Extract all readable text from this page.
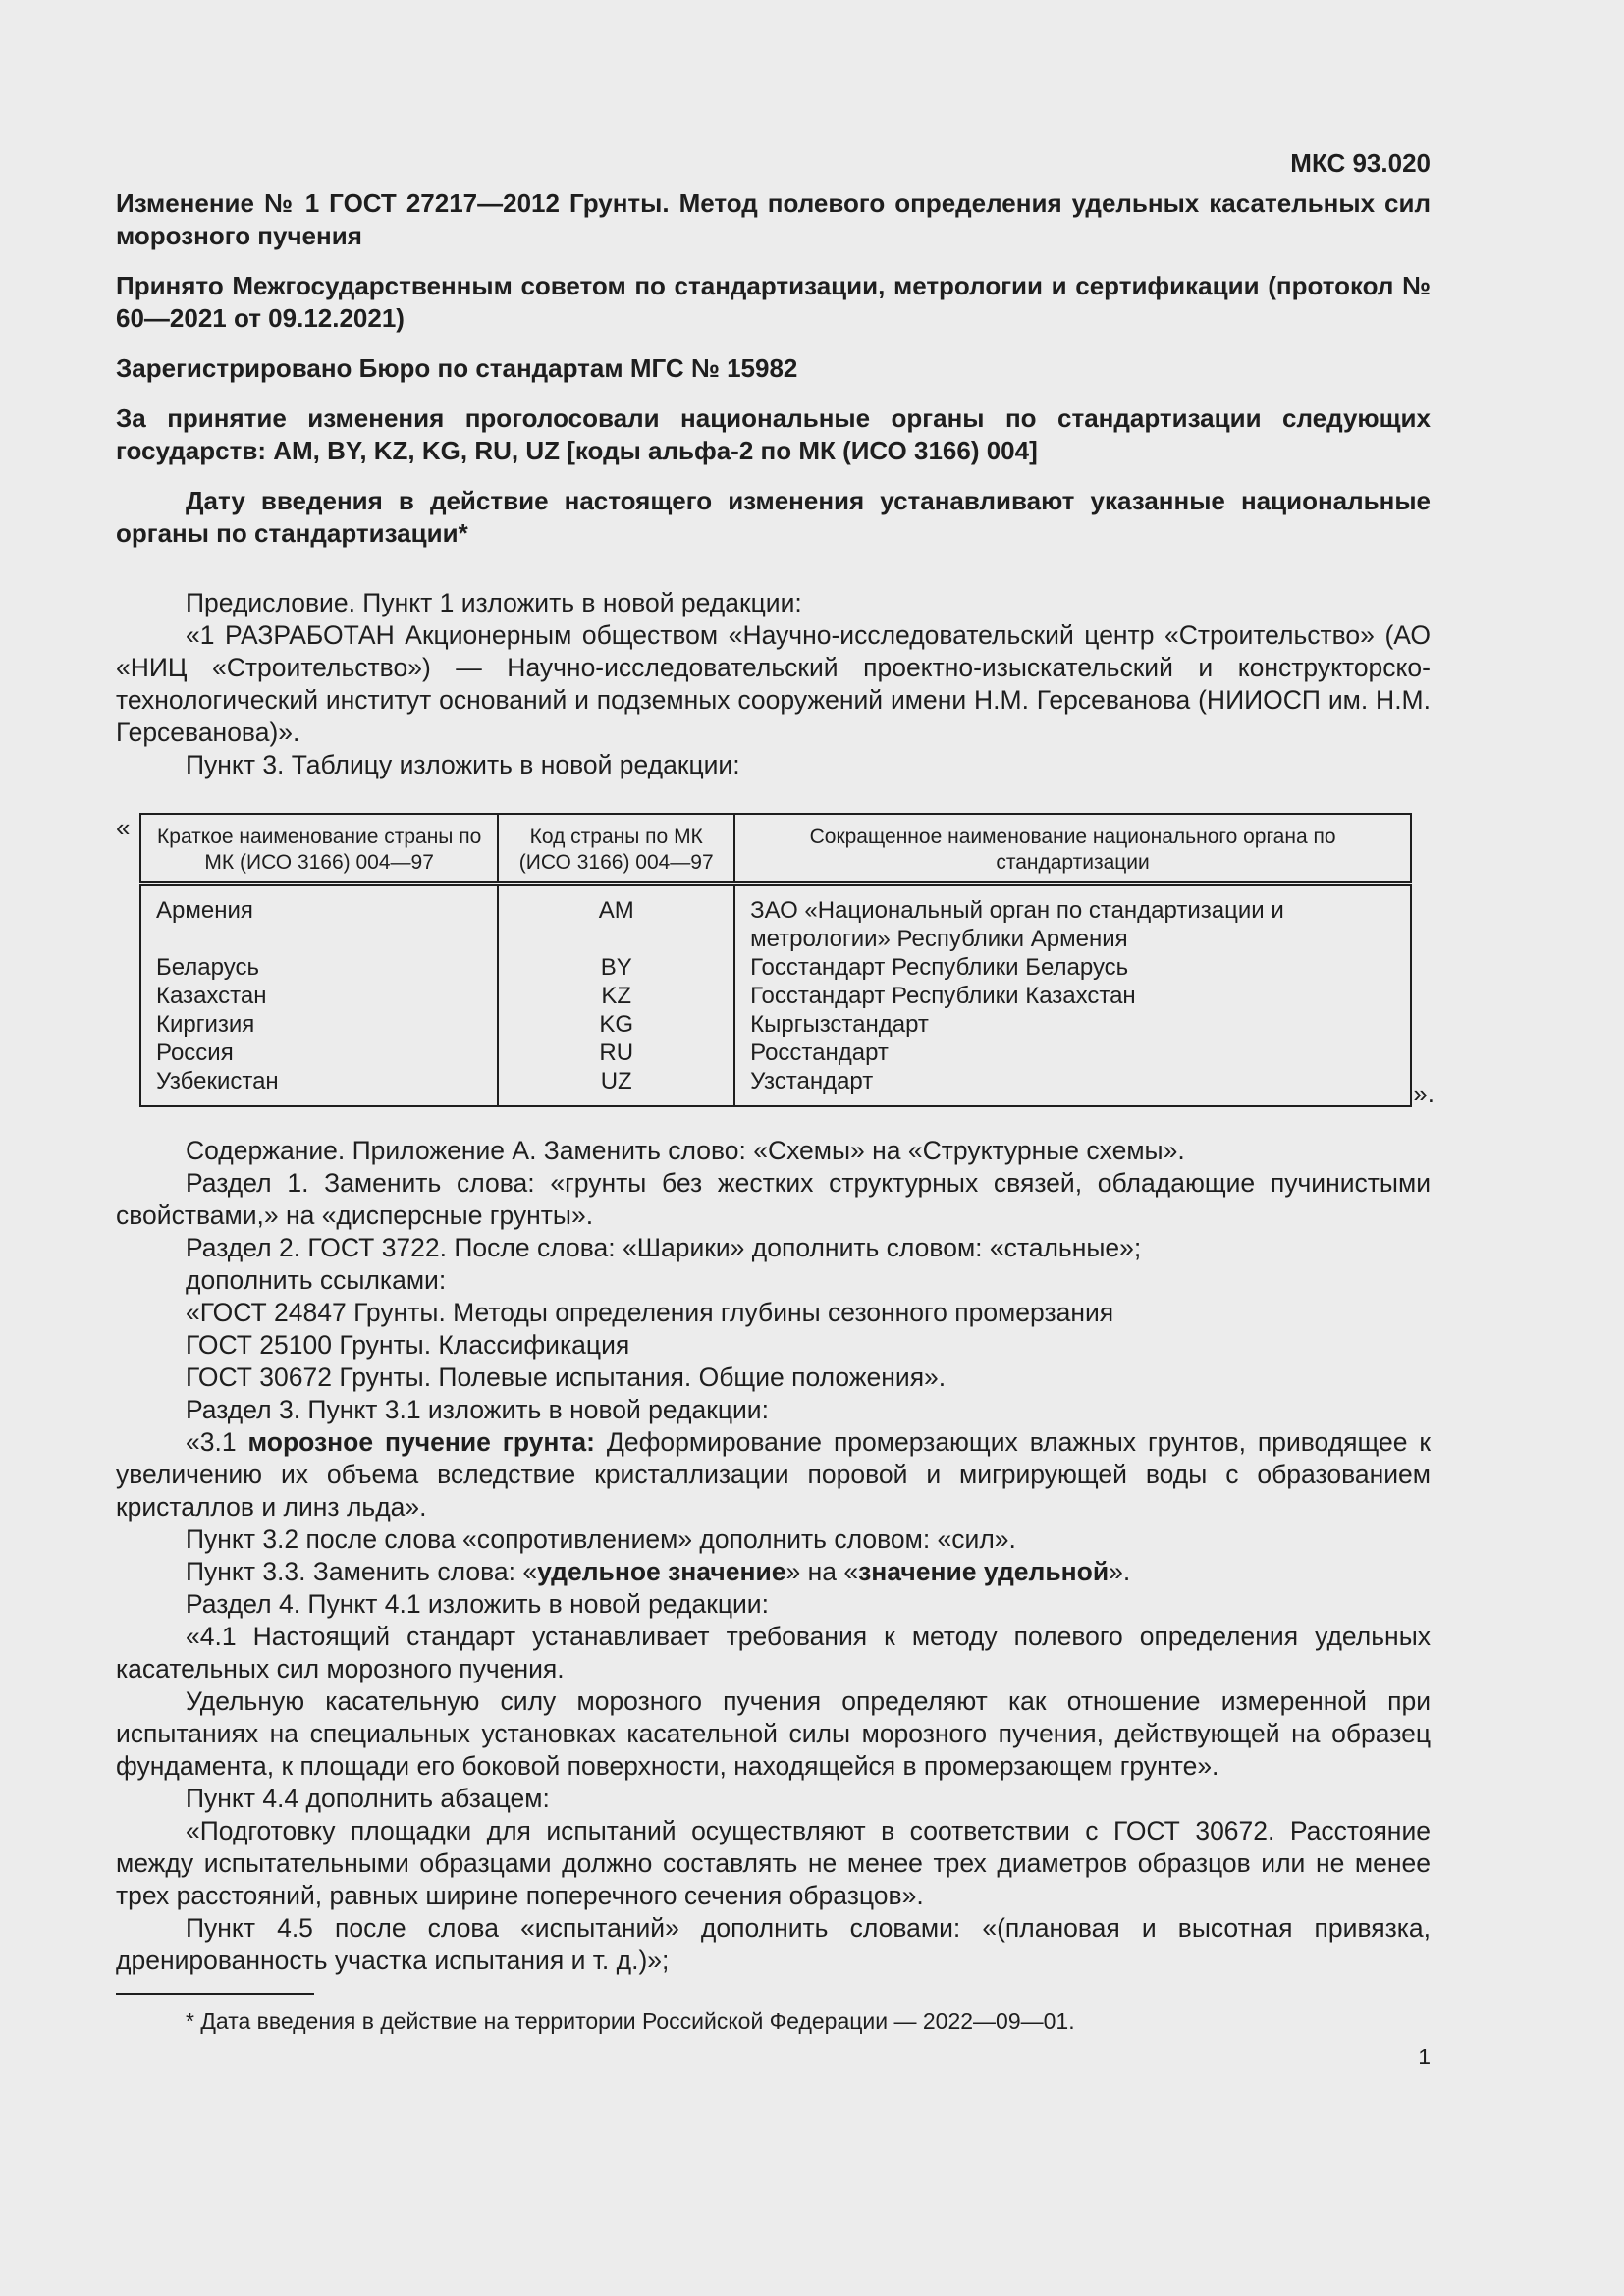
МКС 93.020

Изменение № 1 ГОСТ 27217—2012 Грунты. Метод полевого определения удельных касательных сил морозного пучения

Принято Межгосударственным советом по стандартизации, метрологии и сертификации (протокол № 60—2021 от 09.12.2021)

Зарегистрировано Бюро по стандартам МГС № 15982

За принятие изменения проголосовали национальные органы по стандартизации следующих государств: AM, BY, KZ, KG, RU, UZ [коды альфа-2 по МК (ИСО 3166) 004]

Дату введения в действие настоящего изменения устанавливают указанные национальные органы по стандартизации*

Предисловие. Пункт 1 изложить в новой редакции:

«1 РАЗРАБОТАН Акционерным обществом «Научно-исследовательский центр «Строительство» (АО «НИЦ «Строительство») — Научно-исследовательский проектно-изыскательский и конструкторско-технологический институт оснований и подземных сооружений имени Н.М. Герсеванова (НИИОСП им. Н.М. Герсеванова)».

Пункт 3. Таблицу изложить в новой редакции:

« Краткое наименование страны по МК (ИСО 3166) 004—97	Код страны по МК (ИСО 3166) 004—97	Сокращенное наименование национального органа по стандартизации
Армения	AM	ЗАО «Национальный орган по стандартизации и метрологии» Республики Армения
Беларусь	BY	Госстандарт Республики Беларусь
Казахстан	KZ	Госстандарт Республики Казахстан
Киргизия	KG	Кыргызстандарт
Россия	RU	Росстандарт
Узбекистан	UZ	Узстандарт	».

Содержание. Приложение А. Заменить слово: «Схемы» на «Структурные схемы».

Раздел 1. Заменить слова: «грунты без жестких структурных связей, обладающие пучинистыми свойствами,» на «дисперсные грунты».

Раздел 2. ГОСТ 3722. После слова: «Шарики» дополнить словом: «стальные»;

дополнить ссылками:

«ГОСТ 24847 Грунты. Методы определения глубины сезонного промерзания

ГОСТ 25100 Грунты. Классификация

ГОСТ 30672 Грунты. Полевые испытания. Общие положения».

Раздел 3. Пункт 3.1 изложить в новой редакции:

«3.1 морозное пучение грунта: Деформирование промерзающих влажных грунтов, приводящее к увеличению их объема вследствие кристаллизации поровой и мигрирующей воды с образованием кристаллов и линз льда».

Пункт 3.2 после слова «сопротивлением» дополнить словом: «сил».

Пункт 3.3. Заменить слова: «удельное значение» на «значение удельной».

Раздел 4. Пункт 4.1 изложить в новой редакции:

«4.1 Настоящий стандарт устанавливает требования к методу полевого определения удельных касательных сил морозного пучения.

Удельную касательную силу морозного пучения определяют как отношение измеренной при испытаниях на специальных установках касательной силы морозного пучения, действующей на образец фундамента, к площади его боковой поверхности, находящейся в промерзающем грунте».

Пункт 4.4 дополнить абзацем:

«Подготовку площадки для испытаний осуществляют в соответствии с ГОСТ 30672. Расстояние между испытательными образцами должно составлять не менее трех диаметров образцов или не менее трех расстояний, равных ширине поперечного сечения образцов».

Пункт 4.5 после слова «испытаний» дополнить словами: «(плановая и высотная привязка, дренированность участка испытания и т. д.)»;

* Дата введения в действие на территории Российской Федерации — 2022—09—01.

1
